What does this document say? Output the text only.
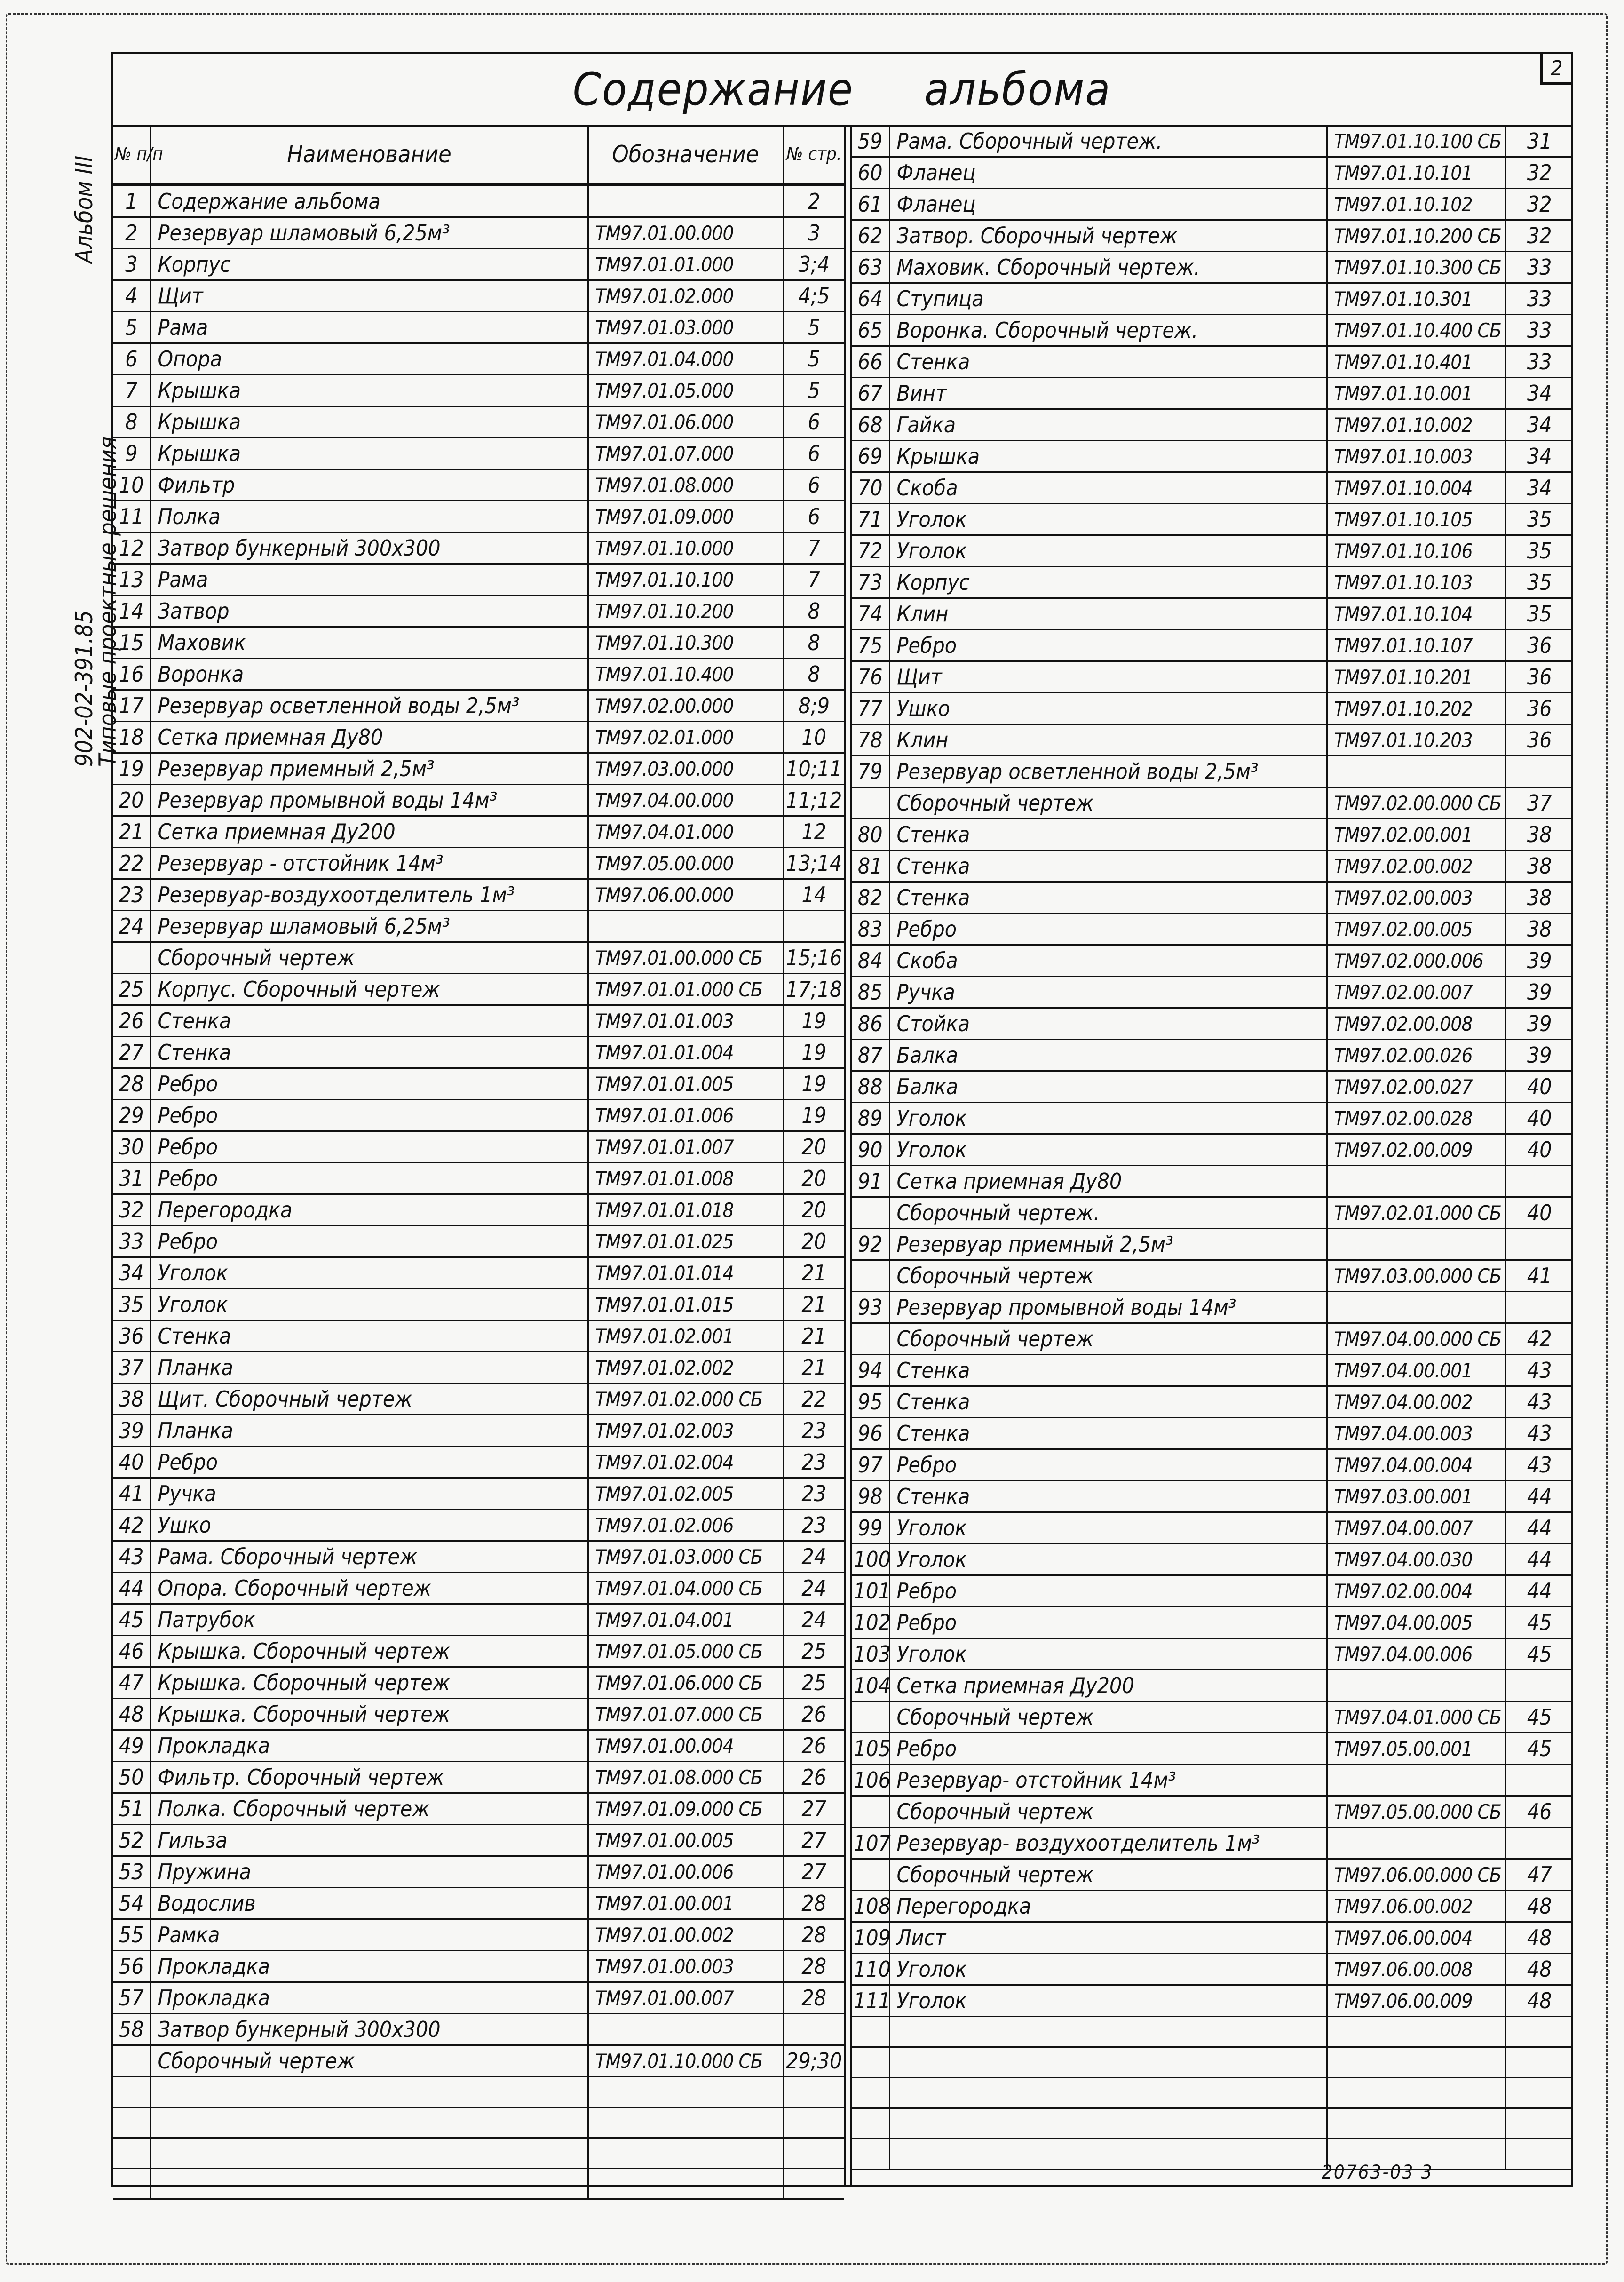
Альбом III
902-02-391.85
Типовые проектные решения
2
Содержание альбома
№ п/п	Наименование	Обозначение	№ стр.
1	Содержание альбома		2
2	Резервуар шламовый 6,25м³	ТМ97.01.00.000	3
3	Корпус	ТМ97.01.01.000	3;4
4	Щит	ТМ97.01.02.000	4;5
5	Рама	ТМ97.01.03.000	5
6	Опора	ТМ97.01.04.000	5
7	Крышка	ТМ97.01.05.000	5
8	Крышка	ТМ97.01.06.000	6
9	Крышка	ТМ97.01.07.000	6
10	Фильтр	ТМ97.01.08.000	6
11	Полка	ТМ97.01.09.000	6
12	Затвор бункерный 300x300	ТМ97.01.10.000	7
13	Рама	ТМ97.01.10.100	7
14	Затвор	ТМ97.01.10.200	8
15	Маховик	ТМ97.01.10.300	8
16	Воронка	ТМ97.01.10.400	8
17	Резервуар осветленной воды 2,5м³	ТМ97.02.00.000	8;9
18	Сетка приемная Ду80	ТМ97.02.01.000	10
19	Резервуар приемный 2,5м³	ТМ97.03.00.000	10;11
20	Резервуар промывной воды 14м³	ТМ97.04.00.000	11;12
21	Сетка приемная Ду200	ТМ97.04.01.000	12
22	Резервуар - отстойник 14м³	ТМ97.05.00.000	13;14
23	Резервуар-воздухоотделитель 1м³	ТМ97.06.00.000	14
24	Резервуар шламовый 6,25м³		
	Сборочный чертеж	ТМ97.01.00.000 СБ	15;16
25	Корпус. Сборочный чертеж	ТМ97.01.01.000 СБ	17;18
26	Стенка	ТМ97.01.01.003	19
27	Стенка	ТМ97.01.01.004	19
28	Ребро	ТМ97.01.01.005	19
29	Ребро	ТМ97.01.01.006	19
30	Ребро	ТМ97.01.01.007	20
31	Ребро	ТМ97.01.01.008	20
32	Перегородка	ТМ97.01.01.018	20
33	Ребро	ТМ97.01.01.025	20
34	Уголок	ТМ97.01.01.014	21
35	Уголок	ТМ97.01.01.015	21
36	Стенка	ТМ97.01.02.001	21
37	Планка	ТМ97.01.02.002	21
38	Щит. Сборочный чертеж	ТМ97.01.02.000 СБ	22
39	Планка	ТМ97.01.02.003	23
40	Ребро	ТМ97.01.02.004	23
41	Ручка	ТМ97.01.02.005	23
42	Ушко	ТМ97.01.02.006	23
43	Рама. Сборочный чертеж	ТМ97.01.03.000 СБ	24
44	Опора. Сборочный чертеж	ТМ97.01.04.000 СБ	24
45	Патрубок	ТМ97.01.04.001	24
46	Крышка. Сборочный чертеж	ТМ97.01.05.000 СБ	25
47	Крышка. Сборочный чертеж	ТМ97.01.06.000 СБ	25
48	Крышка. Сборочный чертеж	ТМ97.01.07.000 СБ	26
49	Прокладка	ТМ97.01.00.004	26
50	Фильтр. Сборочный чертеж	ТМ97.01.08.000 СБ	26
51	Полка. Сборочный чертеж	ТМ97.01.09.000 СБ	27
52	Гильза	ТМ97.01.00.005	27
53	Пружина	ТМ97.01.00.006	27
54	Водослив	ТМ97.01.00.001	28
55	Рамка	ТМ97.01.00.002	28
56	Прокладка	ТМ97.01.00.003	28
57	Прокладка	ТМ97.01.00.007	28
58	Затвор бункерный 300x300		
	Сборочный чертеж	ТМ97.01.10.000 СБ	29;30

59	Рама. Сборочный чертеж.	ТМ97.01.10.100 СБ	31
60	Фланец	ТМ97.01.10.101	32
61	Фланец	ТМ97.01.10.102	32
62	Затвор. Сборочный чертеж	ТМ97.01.10.200 СБ	32
63	Маховик. Сборочный чертеж.	ТМ97.01.10.300 СБ	33
64	Ступица	ТМ97.01.10.301	33
65	Воронка. Сборочный чертеж.	ТМ97.01.10.400 СБ	33
66	Стенка	ТМ97.01.10.401	33
67	Винт	ТМ97.01.10.001	34
68	Гайка	ТМ97.01.10.002	34
69	Крышка	ТМ97.01.10.003	34
70	Скоба	ТМ97.01.10.004	34
71	Уголок	ТМ97.01.10.105	35
72	Уголок	ТМ97.01.10.106	35
73	Корпус	ТМ97.01.10.103	35
74	Клин	ТМ97.01.10.104	35
75	Ребро	ТМ97.01.10.107	36
76	Щит	ТМ97.01.10.201	36
77	Ушко	ТМ97.01.10.202	36
78	Клин	ТМ97.01.10.203	36
79	Резервуар осветленной воды 2,5м³		
	Сборочный чертеж	ТМ97.02.00.000 СБ	37
80	Стенка	ТМ97.02.00.001	38
81	Стенка	ТМ97.02.00.002	38
82	Стенка	ТМ97.02.00.003	38
83	Ребро	ТМ97.02.00.005	38
84	Скоба	ТМ97.02.000.006	39
85	Ручка	ТМ97.02.00.007	39
86	Стойка	ТМ97.02.00.008	39
87	Балка	ТМ97.02.00.026	39
88	Балка	ТМ97.02.00.027	40
89	Уголок	ТМ97.02.00.028	40
90	Уголок	ТМ97.02.00.009	40
91	Сетка приемная Ду80		
	Сборочный чертеж.	ТМ97.02.01.000 СБ	40
92	Резервуар приемный 2,5м³		
	Сборочный чертеж	ТМ97.03.00.000 СБ	41
93	Резервуар промывной воды 14м³		
	Сборочный чертеж	ТМ97.04.00.000 СБ	42
94	Стенка	ТМ97.04.00.001	43
95	Стенка	ТМ97.04.00.002	43
96	Стенка	ТМ97.04.00.003	43
97	Ребро	ТМ97.04.00.004	43
98	Стенка	ТМ97.03.00.001	44
99	Уголок	ТМ97.04.00.007	44
100	Уголок	ТМ97.04.00.030	44
101	Ребро	ТМ97.02.00.004	44
102	Ребро	ТМ97.04.00.005	45
103	Уголок	ТМ97.04.00.006	45
104	Сетка приемная Ду200		
	Сборочный чертеж	ТМ97.04.01.000 СБ	45
105	Ребро	ТМ97.05.00.001	45
106	Резервуар- отстойник 14м³		
	Сборочный чертеж	ТМ97.05.00.000 СБ	46
107	Резервуар- воздухоотделитель 1м³		
	Сборочный чертеж	ТМ97.06.00.000 СБ	47
108	Перегородка	ТМ97.06.00.002	48
109	Лист	ТМ97.06.00.004	48
110	Уголок	ТМ97.06.00.008	48
111	Уголок	ТМ97.06.00.009	48

20763-03 3
